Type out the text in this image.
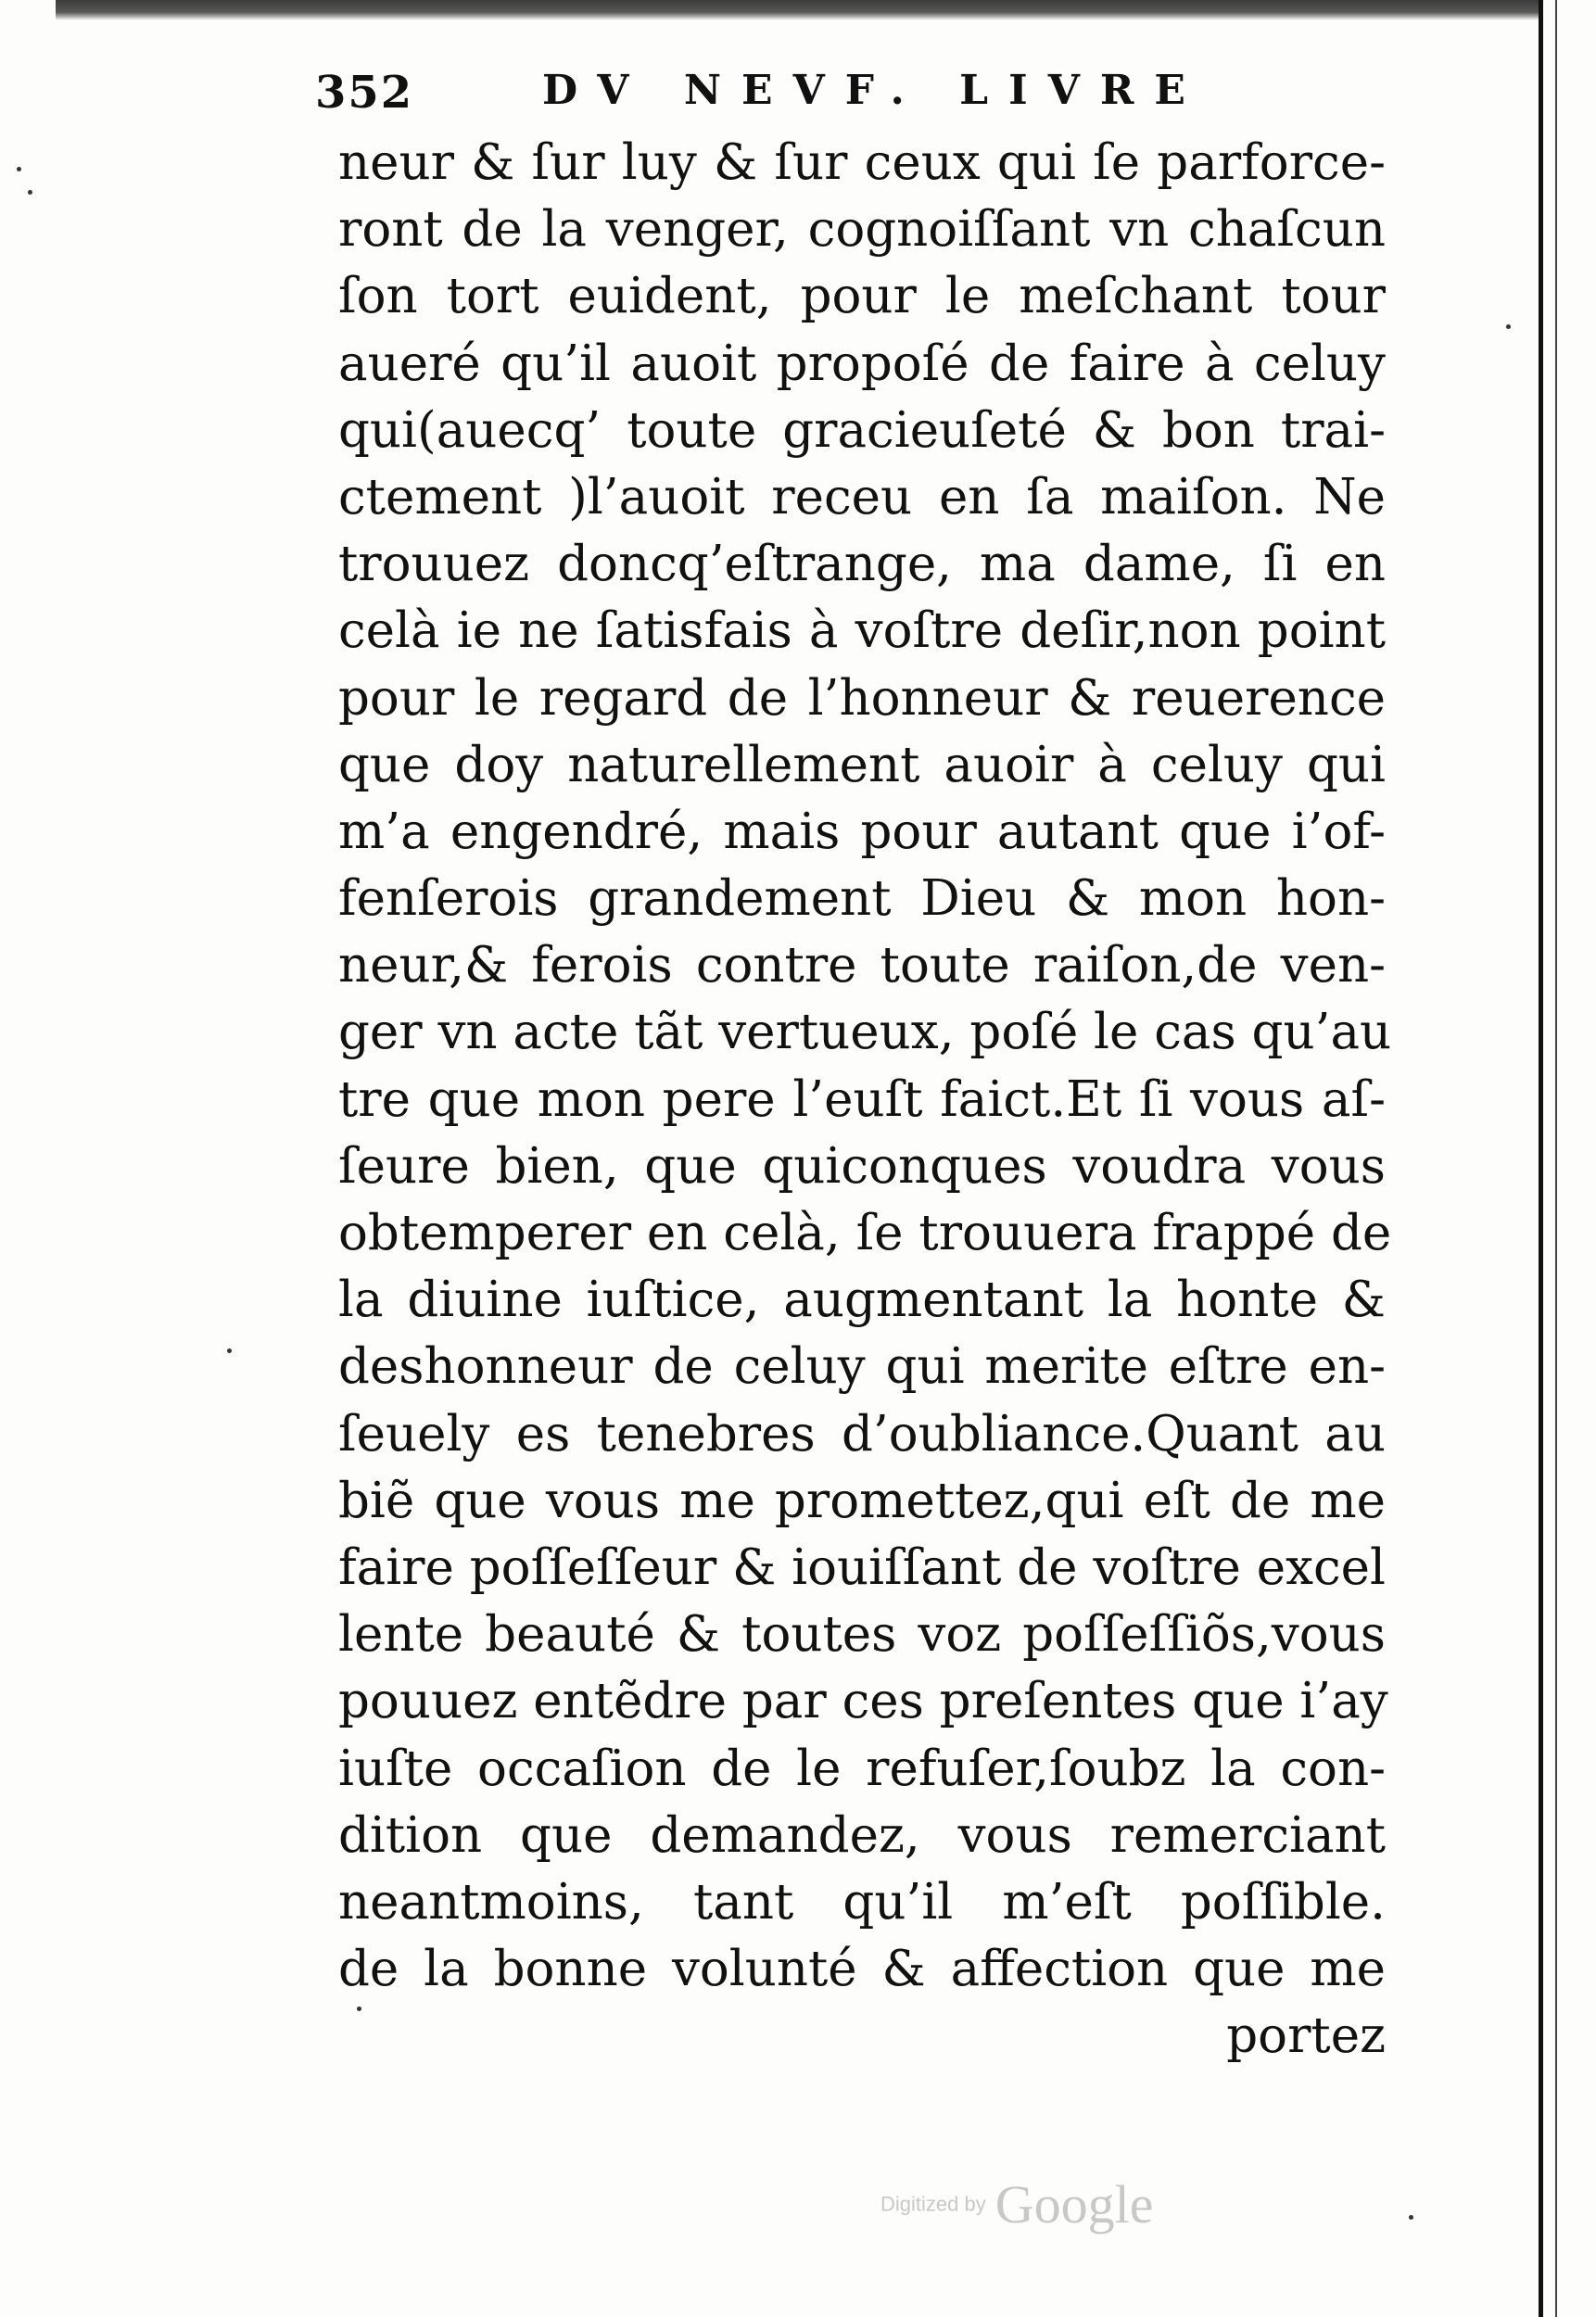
352	DV NEVF. LIVRE
neur & ſur luy & ſur ceux qui ſe parforce-
ront de la venger, cognoiſſant vn chaſcun
ſon tort euident, pour le meſchant tour
aueré qu’il auoit propoſé de faire à celuy
qui(auecq’ toute gracieuſeté & bon trai-
ctement )l’auoit receu en ſa maiſon. Ne
trouuez doncq’eſtrange, ma dame, ſi en
celà ie ne ſatisfais à voſtre deſir,non point
pour le regard de l’honneur & reuerence
que doy naturellement auoir à celuy qui
m’a engendré, mais pour autant que i’of-
fenſerois grandement Dieu & mon hon-
neur,& ferois contre toute raiſon,de ven-
ger vn acte tãt vertueux, poſé le cas qu’au
tre que mon pere l’euſt faict.Et ſi vous aſ-
ſeure bien, que quiconques voudra vous
obtemperer en celà, ſe trouuera frappé de
la diuine iuſtice, augmentant la honte &
deshonneur de celuy qui merite eſtre en-
ſeuely es tenebres d’oubliance.Quant au
biẽ que vous me promettez,qui eſt de me
faire poſſeſſeur & iouiſſant de voſtre excel
lente beauté & toutes voz poſſeſſiõs,vous
pouuez entẽdre par ces preſentes que i’ay
iuſte occaſion de le refuſer,ſoubz la con-
dition que demandez, vous remerciant
neantmoins, tant qu’il m’eſt poſſible.
de la bonne volunté & affection que me
portez
Digitized by Google
